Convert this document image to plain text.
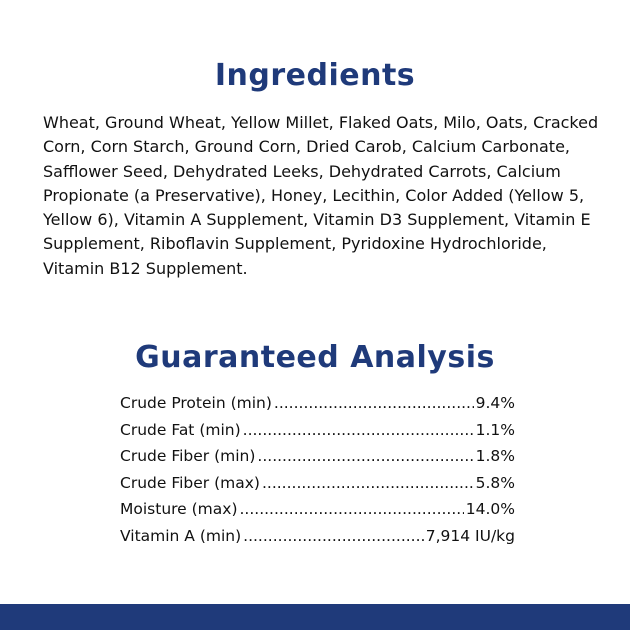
Ingredients

Wheat, Ground Wheat, Yellow Millet, Flaked Oats, Milo, Oats, Cracked Corn, Corn Starch, Ground Corn, Dried Carob, Calcium Carbonate, Safflower Seed, Dehydrated Leeks, Dehydrated Carrots, Calcium Propionate (a Preservative), Honey, Lecithin, Color Added (Yellow 5, Yellow 6), Vitamin A Supplement, Vitamin D3 Supplement, Vitamin E Supplement, Riboflavin Supplement, Pyridoxine Hydrochloride, Vitamin B12 Supplement.

Guaranteed Analysis
Crude Protein (min) .....	9.4%
Crude Fat (min) .....	1.1%
Crude Fiber (min) .....	1.8%
Crude Fiber (max) .....	5.8%
Moisture (max) .....	14.0%
Vitamin A (min) .....	7,914 IU/kg
